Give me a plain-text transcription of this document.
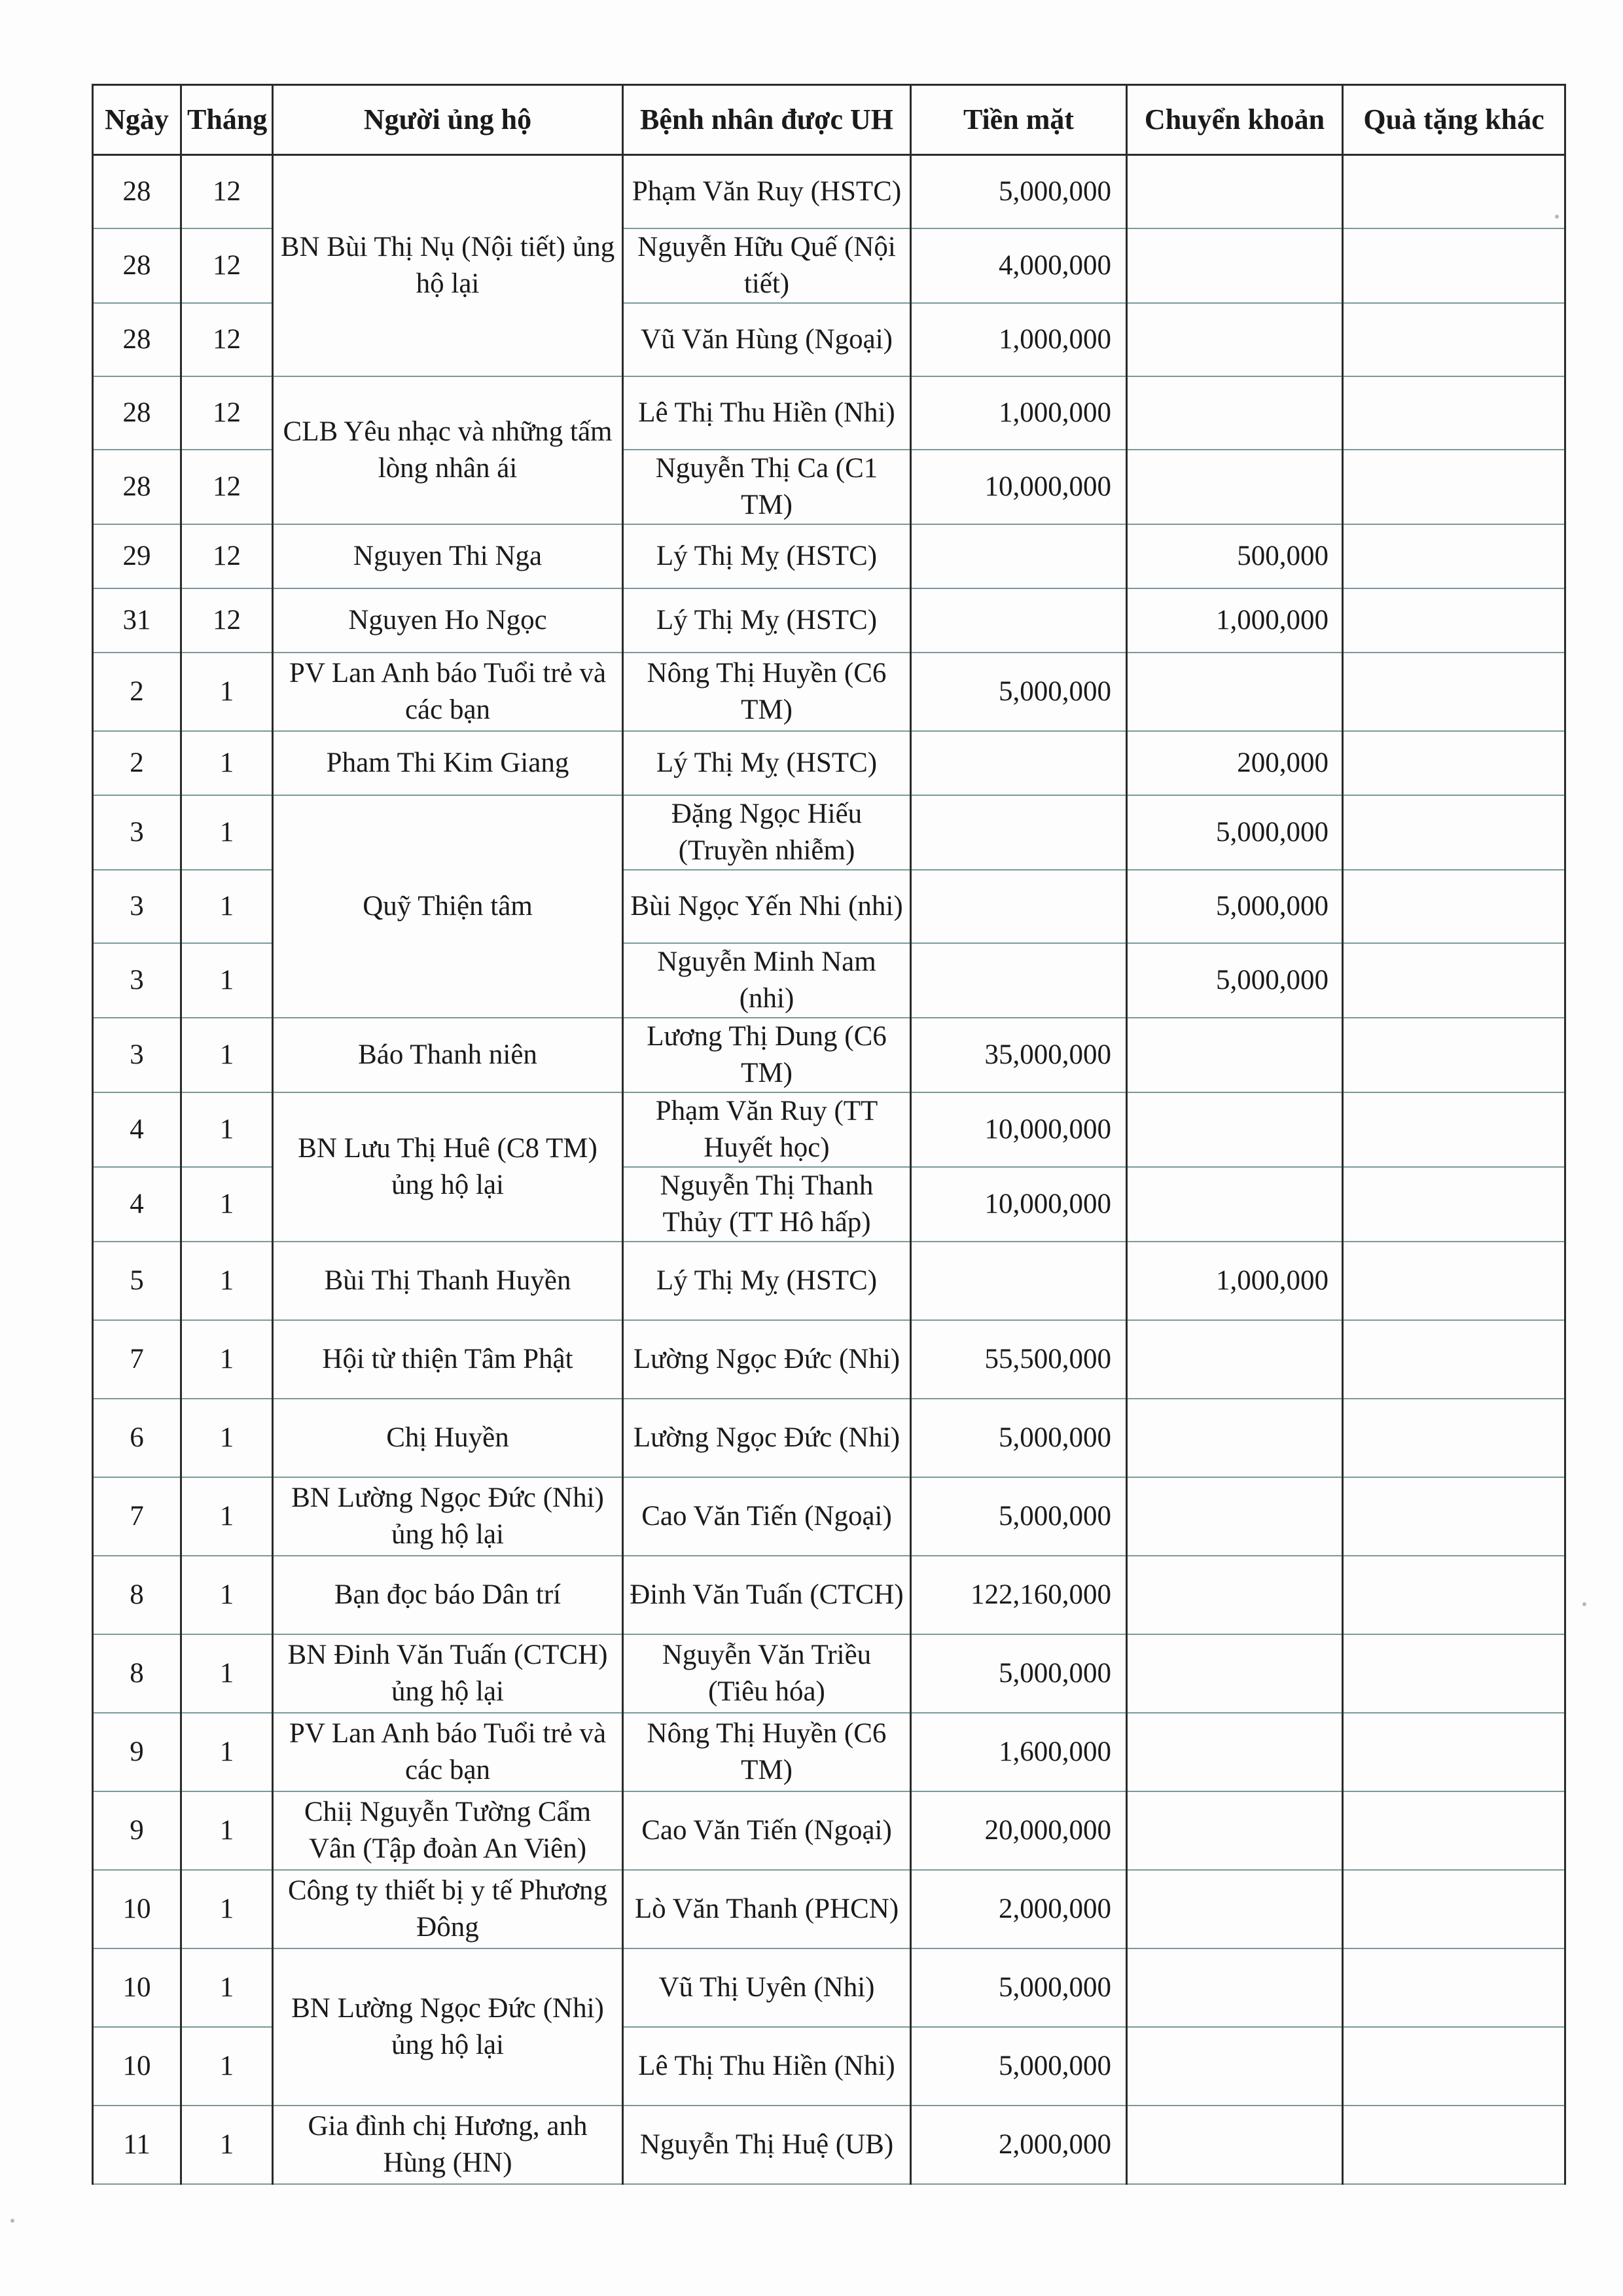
Ngày	Tháng	Người ủng hộ	Bệnh nhân được UH	Tiền mặt	Chuyển khoản	Quà tặng khác
28	12	BN Bùi Thị Nụ (Nội tiết) ủng hộ lại	Phạm Văn Ruy (HSTC)	5,000,000		
28	12		Nguyễn Hữu Quế (Nội tiết)	4,000,000		
28	12		Vũ Văn Hùng (Ngoại)	1,000,000		
28	12	CLB Yêu nhạc và những tấm lòng nhân ái	Lê Thị Thu Hiền (Nhi)	1,000,000		
28	12		Nguyễn Thị Ca (C1 TM)	10,000,000		
29	12	Nguyen Thi Nga	Lý Thị Mỵ (HSTC)		500,000	
31	12	Nguyen Ho Ngọc	Lý Thị Mỵ (HSTC)		1,000,000	
2	1	PV Lan Anh báo Tuổi trẻ và các bạn	Nông Thị Huyền (C6 TM)	5,000,000		
2	1	Pham Thi Kim Giang	Lý Thị Mỵ (HSTC)		200,000	
3	1	Quỹ Thiện tâm	Đặng Ngọc Hiếu (Truyền nhiễm)		5,000,000	
3	1		Bùi Ngọc Yến Nhi (nhi)		5,000,000	
3	1		Nguyễn Minh Nam (nhi)		5,000,000	
3	1	Báo Thanh niên	Lương Thị Dung (C6 TM)	35,000,000		
4	1	BN Lưu Thị Huê (C8 TM) ủng hộ lại	Phạm Văn Ruy (TT Huyết học)	10,000,000		
4	1		Nguyễn Thị Thanh Thủy (TT Hô hấp)	10,000,000		
5	1	Bùi Thị Thanh Huyền	Lý Thị Mỵ (HSTC)		1,000,000	
7	1	Hội từ thiện Tâm Phật	Lường Ngọc Đức (Nhi)	55,500,000		
6	1	Chị Huyền	Lường Ngọc Đức (Nhi)	5,000,000		
7	1	BN Lường Ngọc Đức (Nhi) ủng hộ lại	Cao Văn Tiến (Ngoại)	5,000,000		
8	1	Bạn đọc báo Dân trí	Đinh Văn Tuấn (CTCH)	122,160,000		
8	1	BN Đinh Văn Tuấn (CTCH) ủng hộ lại	Nguyễn Văn Triều (Tiêu hóa)	5,000,000		
9	1	PV Lan Anh báo Tuổi trẻ và các bạn	Nông Thị Huyền (C6 TM)	1,600,000		
9	1	Chiị Nguyễn Tường Cẩm Vân (Tập đoàn An Viên)	Cao Văn Tiến (Ngoại)	20,000,000		
10	1	Công ty thiết bị y tế Phương Đông	Lò Văn Thanh (PHCN)	2,000,000		
10	1	BN Lường Ngọc Đức (Nhi) ủng hộ lại	Vũ Thị Uyên (Nhi)	5,000,000		
10	1		Lê Thị Thu Hiền (Nhi)	5,000,000		
11	1	Gia đình chị Hương, anh Hùng (HN)	Nguyễn Thị Huệ (UB)	2,000,000		
